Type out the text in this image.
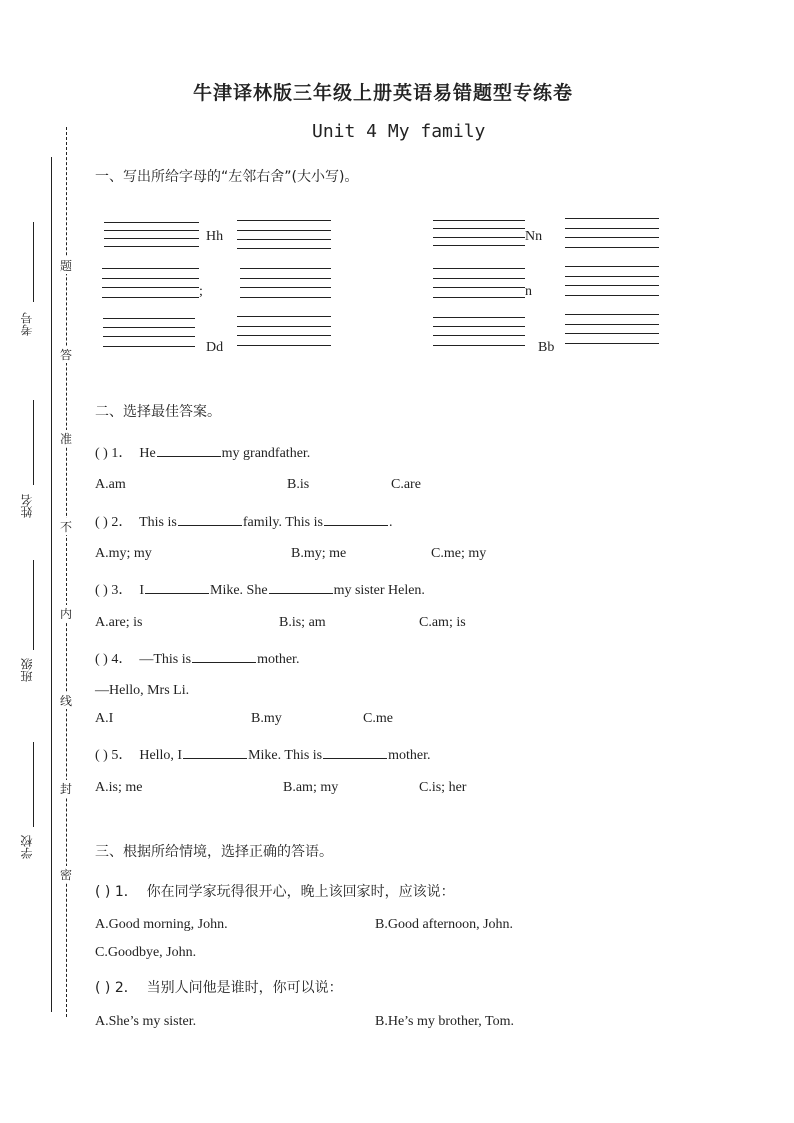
牛津译林版三年级上册英语易错题型专练卷
Unit 4 My family
考号
姓名
班级
学校
题
答
准
不
内
线
封
密
一、写出所给字母的“左邻右舍”(大小写)。
Hh
;
Dd
Nn
n
Bb
二、选择最佳答案。
( ) 1． He	my grandfather.
A.am	B.is	C.are
( ) 2． This is	family. This is	.
A.my; my	B.my; me	C.me; my
( ) 3． I	Mike. She	my sister Helen.
A.are; is	B.is; am	C.am; is
( ) 4． —This is	mother.
—Hello, Mrs Li.
A.I	B.my	C.me
( ) 5． Hello, I	Mike. This is	mother.
A.is; me	B.am; my	C.is; her
三、根据所给情境，选择正确的答语。
( ) 1． 你在同学家玩得很开心，晚上该回家时，应该说：
A.Good morning, John.	B.Good afternoon, John.
C.Goodbye, John.
( ) 2． 当别人问他是谁时，你可以说：
A.She’s my sister.	B.He’s my brother, Tom.
